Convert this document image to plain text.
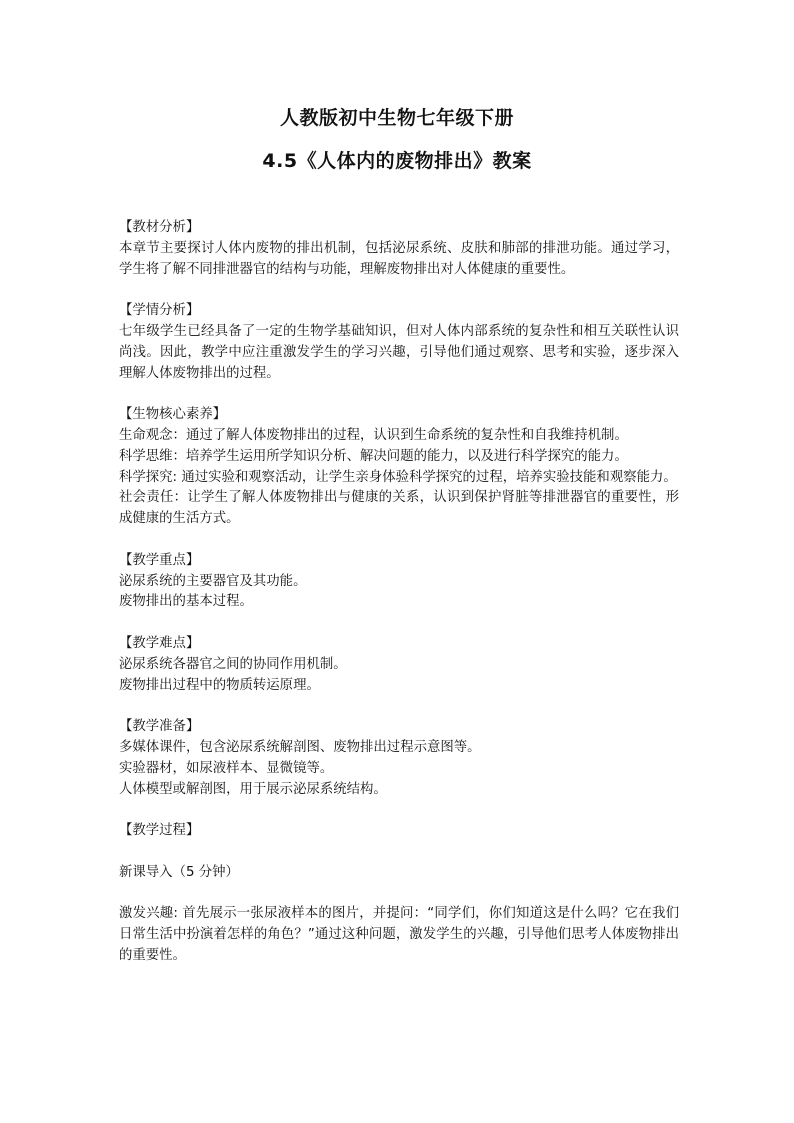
人教版初中生物七年级下册
4.5《人体内的废物排出》教案
【教材分析】
本章节主要探讨人体内废物的排出机制，包括泌尿系统、皮肤和肺部的排泄功能。通过学习，学生将了解不同排泄器官的结构与功能，理解废物排出对人体健康的重要性。
【学情分析】
七年级学生已经具备了一定的生物学基础知识，但对人体内部系统的复杂性和相互关联性认识尚浅。因此，教学中应注重激发学生的学习兴趣，引导他们通过观察、思考和实验，逐步深入理解人体废物排出的过程。
【生物核心素养】
生命观念：通过了解人体废物排出的过程，认识到生命系统的复杂性和自我维持机制。
科学思维：培养学生运用所学知识分析、解决问题的能力，以及进行科学探究的能力。
科学探究: 通过实验和观察活动，让学生亲身体验科学探究的过程，培养实验技能和观察能力。
社会责任：让学生了解人体废物排出与健康的关系，认识到保护肾脏等排泄器官的重要性，形成健康的生活方式。
【教学重点】
泌尿系统的主要器官及其功能。
废物排出的基本过程。
【教学难点】
泌尿系统各器官之间的协同作用机制。
废物排出过程中的物质转运原理。
【教学准备】
多媒体课件，包含泌尿系统解剖图、废物排出过程示意图等。
实验器材，如尿液样本、显微镜等。
人体模型或解剖图，用于展示泌尿系统结构。
【教学过程】
新课导入（5 分钟）
激发兴趣: 首先展示一张尿液样本的图片，并提问：“同学们，你们知道这是什么吗？它在我们日常生活中扮演着怎样的角色？”通过这种问题，激发学生的兴趣，引导他们思考人体废物排出的重要性。
